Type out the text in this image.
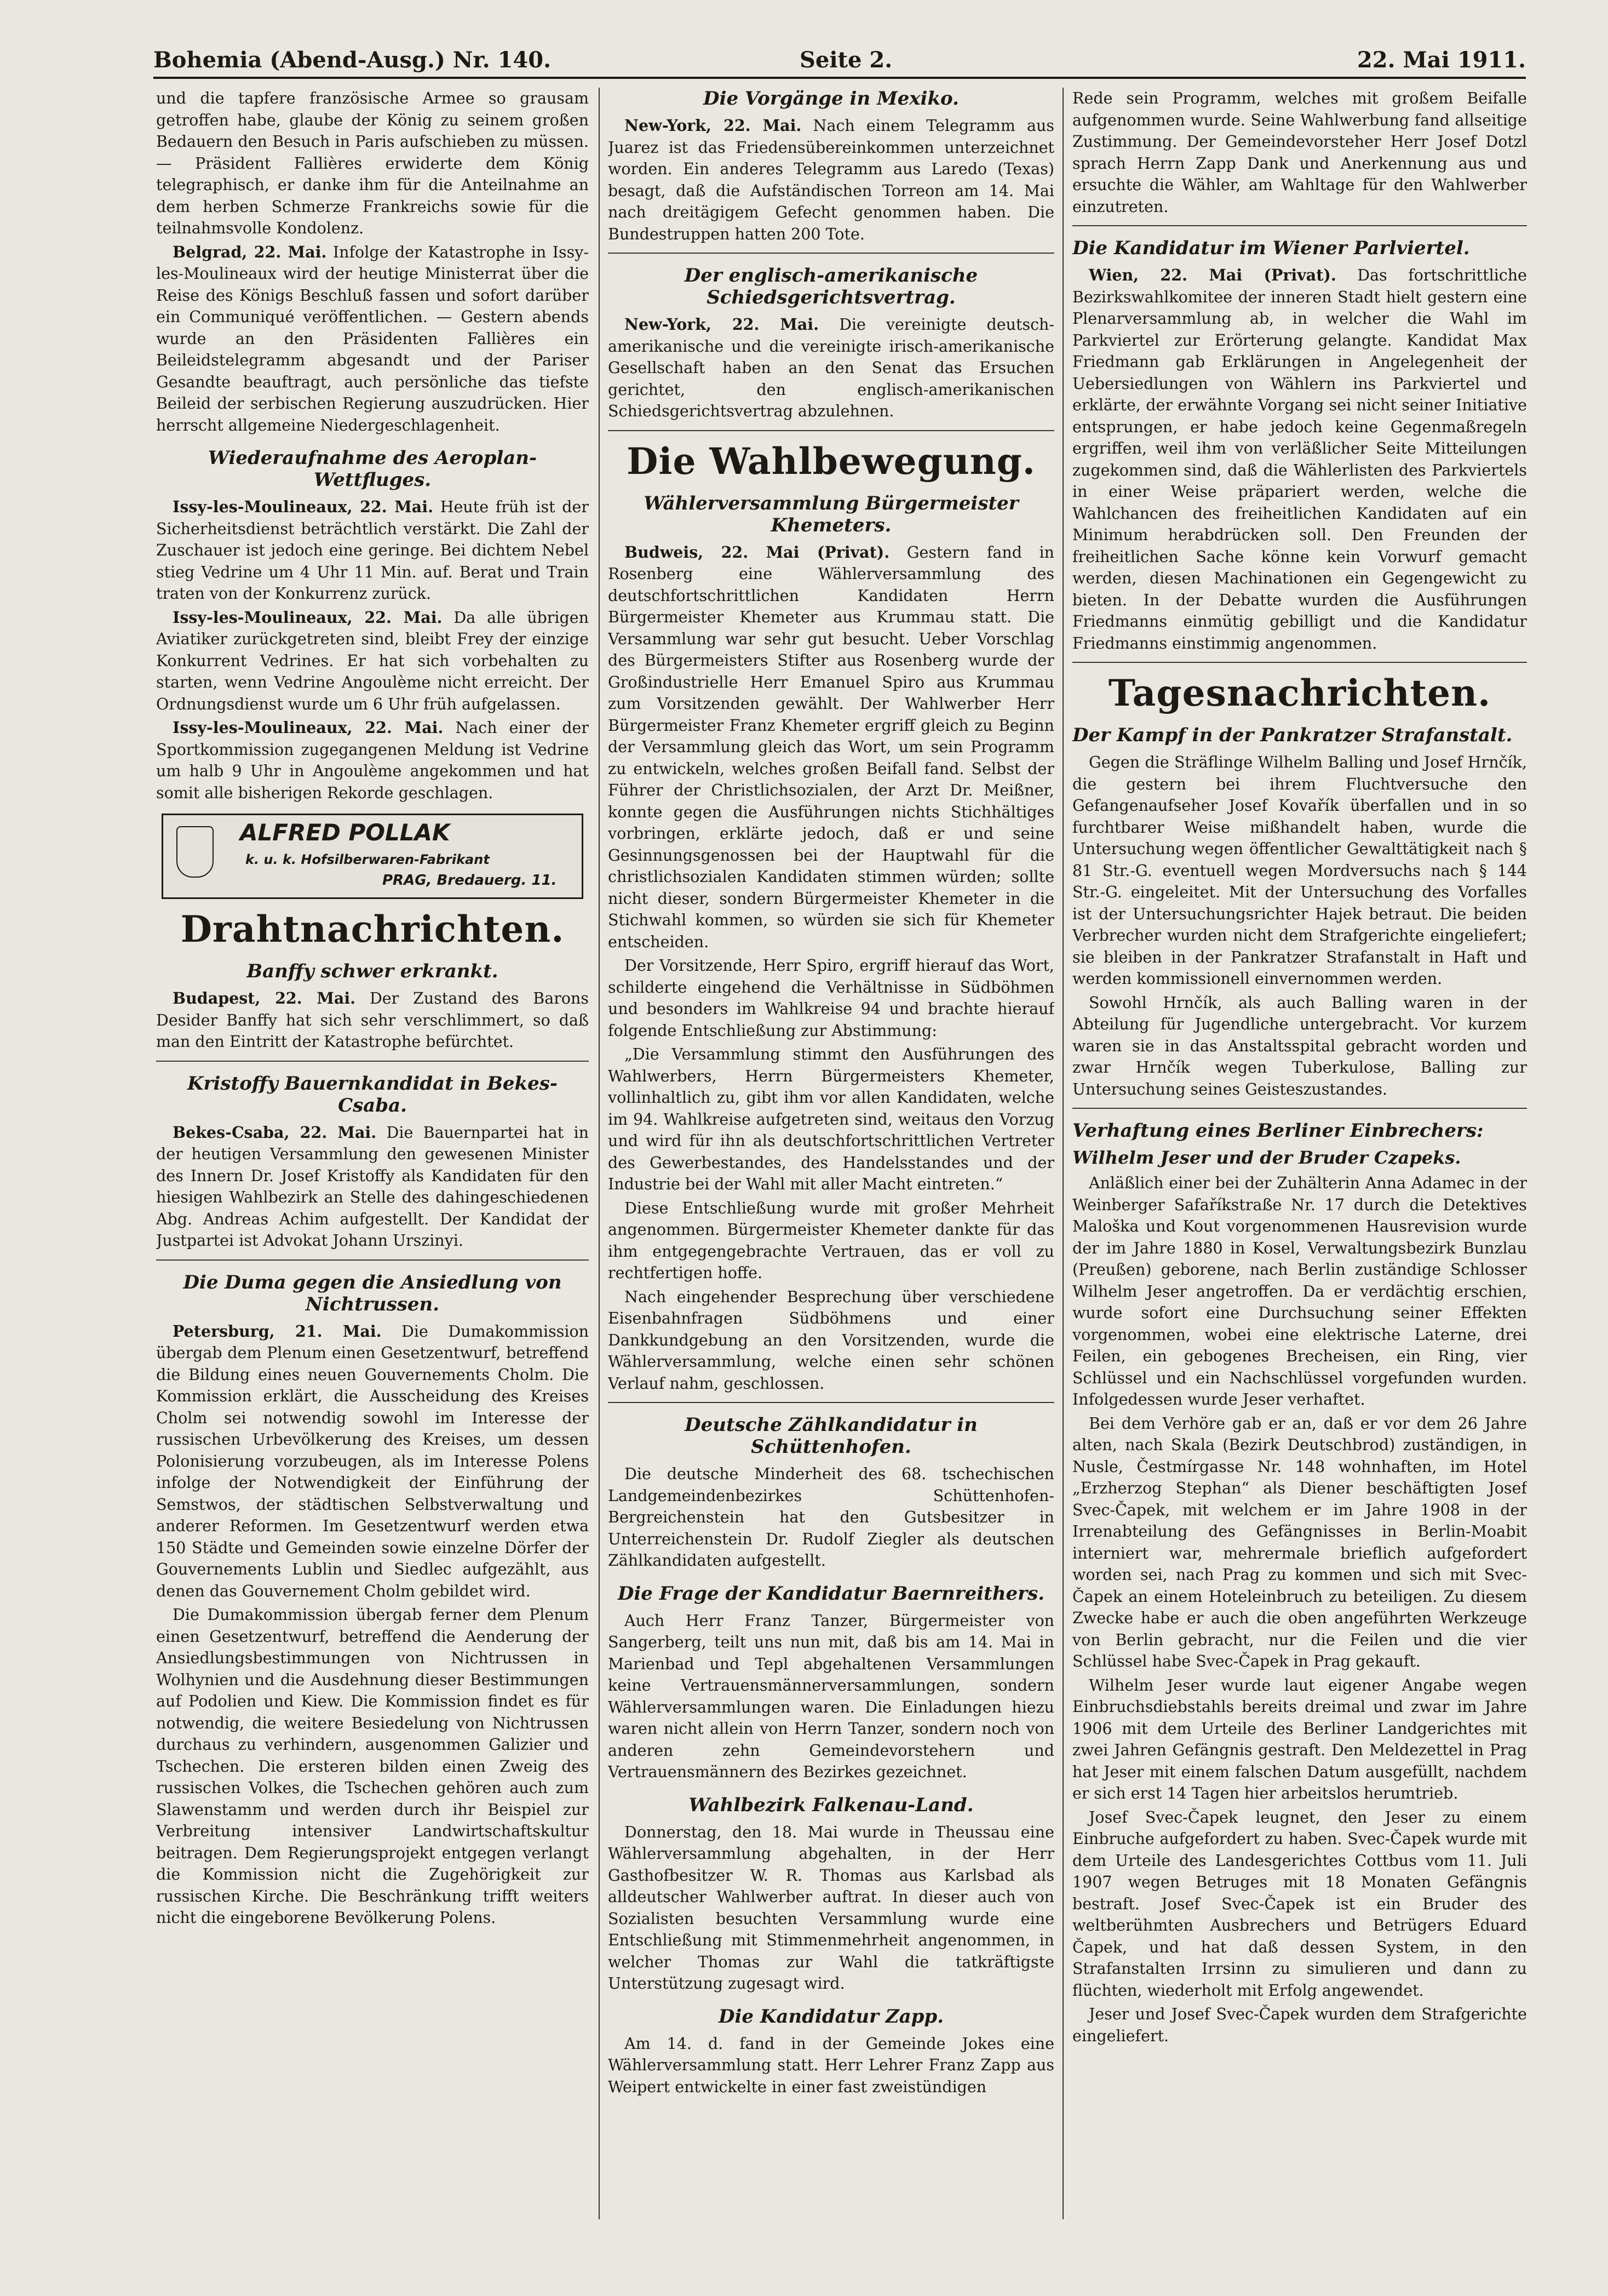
Bohemia (Abend-Ausg.) Nr. 140.	Seite 2.	22. Mai 1911.

und die tapfere französische Armee so grausam getroffen habe, glaube der König zu seinem großen Bedauern den Besuch in Paris aufschieben zu müssen. — Präsident Fallières erwiderte dem König telegraphisch, er danke ihm für die Anteilnahme an dem herben Schmerze Frankreichs sowie für die teilnahmsvolle Kondolenz.

Belgrad, 22. Mai. Infolge der Katastrophe in Issy-les-Moulineaux wird der heutige Ministerrat über die Reise des Königs Beschluß fassen und sofort darüber ein Communiqué veröffentlichen. — Gestern abends wurde an den Präsidenten Fallières ein Beileidstelegramm abgesandt und der Pariser Gesandte beauftragt, auch persönliche das tiefste Beileid der serbischen Regierung auszudrücken. Hier herrscht allgemeine Niedergeschlagenheit.

Wiederaufnahme des Aeroplan-Wettfluges.

Issy-les-Moulineaux, 22. Mai. Heute früh ist der Sicherheitsdienst beträchtlich verstärkt. Die Zahl der Zuschauer ist jedoch eine geringe. Bei dichtem Nebel stieg Vedrine um 4 Uhr 11 Min. auf. Berat und Train traten von der Konkurrenz zurück.

Issy-les-Moulineaux, 22. Mai. Da alle übrigen Aviatiker zurückgetreten sind, bleibt Frey der einzige Konkurrent Vedrines. Er hat sich vorbehalten zu starten, wenn Vedrine Angoulème nicht erreicht. Der Ordnungsdienst wurde um 6 Uhr früh aufgelassen.

Issy-les-Moulineaux, 22. Mai. Nach einer der Sportkommission zugegangenen Meldung ist Vedrine um halb 9 Uhr in Angoulème angekommen und hat somit alle bisherigen Rekorde geschlagen.

ALFRED POLLAK
k. u. k. Hofsilberwaren-Fabrikant
PRAG, Bredauerg. 11.
Drahtnachrichten.
Banffy schwer erkrankt.

Budapest, 22. Mai. Der Zustand des Barons Desider Banffy hat sich sehr verschlimmert, so daß man den Eintritt der Katastrophe befürchtet.

Kristoffy Bauernkandidat in Bekes-Csaba.

Bekes-Csaba, 22. Mai. Die Bauernpartei hat in der heutigen Versammlung den gewesenen Minister des Innern Dr. Josef Kristoffy als Kandidaten für den hiesigen Wahlbezirk an Stelle des dahingeschiedenen Abg. Andreas Achim aufgestellt. Der Kandidat der Justpartei ist Advokat Johann Urszinyi.

Die Duma gegen die Ansiedlung von Nichtrussen.

Petersburg, 21. Mai. Die Dumakommission übergab dem Plenum einen Gesetzentwurf, betreffend die Bildung eines neuen Gouvernements Cholm. Die Kommission erklärt, die Ausscheidung des Kreises Cholm sei notwendig sowohl im Interesse der russischen Urbevölkerung des Kreises, um dessen Polonisierung vorzubeugen, als im Interesse Polens infolge der Notwendigkeit der Einführung der Semstwos, der städtischen Selbstverwaltung und anderer Reformen. Im Gesetzentwurf werden etwa 150 Städte und Gemeinden sowie einzelne Dörfer der Gouvernements Lublin und Siedlec aufgezählt, aus denen das Gouvernement Cholm gebildet wird.

Die Dumakommission übergab ferner dem Plenum einen Gesetzentwurf, betreffend die Aenderung der Ansiedlungsbestimmungen von Nichtrussen in Wolhynien und die Ausdehnung dieser Bestimmungen auf Podolien und Kiew. Die Kommission findet es für notwendig, die weitere Besiedelung von Nichtrussen durchaus zu verhindern, ausgenommen Galizier und Tschechen. Die ersteren bilden einen Zweig des russischen Volkes, die Tschechen gehören auch zum Slawenstamm und werden durch ihr Beispiel zur Verbreitung intensiver Landwirtschaftskultur beitragen. Dem Regierungsprojekt entgegen verlangt die Kommission nicht die Zugehörigkeit zur russischen Kirche. Die Beschränkung trifft weiters nicht die eingeborene Bevölkerung Polens.

Die Vorgänge in Mexiko.

New-York, 22. Mai. Nach einem Telegramm aus Juarez ist das Friedensübereinkommen unterzeichnet worden. Ein anderes Telegramm aus Laredo (Texas) besagt, daß die Aufständischen Torreon am 14. Mai nach dreitägigem Gefecht genommen haben. Die Bundestruppen hatten 200 Tote.

Der englisch-amerikanische Schiedsgerichtsvertrag.

New-York, 22. Mai. Die vereinigte deutsch-amerikanische und die vereinigte irisch-amerikanische Gesellschaft haben an den Senat das Ersuchen gerichtet, den englisch-amerikanischen Schiedsgerichtsvertrag abzulehnen.

Die Wahlbewegung.
Wählerversammlung Bürgermeister Khemeters.

Budweis, 22. Mai (Privat). Gestern fand in Rosenberg eine Wählerversammlung des deutschfortschrittlichen Kandidaten Herrn Bürgermeister Khemeter aus Krummau statt. Die Versammlung war sehr gut besucht. Ueber Vorschlag des Bürgermeisters Stifter aus Rosenberg wurde der Großindustrielle Herr Emanuel Spiro aus Krummau zum Vorsitzenden gewählt. Der Wahlwerber Herr Bürgermeister Franz Khemeter ergriff gleich zu Beginn der Versammlung gleich das Wort, um sein Programm zu entwickeln, welches großen Beifall fand. Selbst der Führer der Christlichsozialen, der Arzt Dr. Meißner, konnte gegen die Ausführungen nichts Stichhältiges vorbringen, erklärte jedoch, daß er und seine Gesinnungsgenossen bei der Hauptwahl für die christlichsozialen Kandidaten stimmen würden; sollte nicht dieser, sondern Bürgermeister Khemeter in die Stichwahl kommen, so würden sie sich für Khemeter entscheiden.

Der Vorsitzende, Herr Spiro, ergriff hierauf das Wort, schilderte eingehend die Verhältnisse in Südböhmen und besonders im Wahlkreise 94 und brachte hierauf folgende Entschließung zur Abstimmung:

„Die Versammlung stimmt den Ausführungen des Wahlwerbers, Herrn Bürgermeisters Khemeter, vollinhaltlich zu, gibt ihm vor allen Kandidaten, welche im 94. Wahlkreise aufgetreten sind, weitaus den Vorzug und wird für ihn als deutschfortschrittlichen Vertreter des Gewerbestandes, des Handelsstandes und der Industrie bei der Wahl mit aller Macht eintreten.“

Diese Entschließung wurde mit großer Mehrheit angenommen. Bürgermeister Khemeter dankte für das ihm entgegengebrachte Vertrauen, das er voll zu rechtfertigen hoffe.

Nach eingehender Besprechung über verschiedene Eisenbahnfragen Südböhmens und einer Dankkundgebung an den Vorsitzenden, wurde die Wählerversammlung, welche einen sehr schönen Verlauf nahm, geschlossen.

Deutsche Zählkandidatur in Schüttenhofen.

Die deutsche Minderheit des 68. tschechischen Landgemeindenbezirkes Schüttenhofen-Bergreichenstein hat den Gutsbesitzer in Unterreichenstein Dr. Rudolf Ziegler als deutschen Zählkandidaten aufgestellt.

Die Frage der Kandidatur Baernreithers.

Auch Herr Franz Tanzer, Bürgermeister von Sangerberg, teilt uns nun mit, daß bis am 14. Mai in Marienbad und Tepl abgehaltenen Versammlungen keine Vertrauensmännerversammlungen, sondern Wählerversammlungen waren. Die Einladungen hiezu waren nicht allein von Herrn Tanzer, sondern noch von anderen zehn Gemeindevorstehern und Vertrauensmännern des Bezirkes gezeichnet.

Wahlbezirk Falkenau-Land.

Donnerstag, den 18. Mai wurde in Theussau eine Wählerversammlung abgehalten, in der Herr Gasthofbesitzer W. R. Thomas aus Karlsbad als alldeutscher Wahlwerber auftrat. In dieser auch von Sozialisten besuchten Versammlung wurde eine Entschließung mit Stimmenmehrheit angenommen, in welcher Thomas zur Wahl die tatkräftigste Unterstützung zugesagt wird.

Die Kandidatur Zapp.

Am 14. d. fand in der Gemeinde Jokes eine Wählerversammlung statt. Herr Lehrer Franz Zapp aus Weipert entwickelte in einer fast zweistündigen

Rede sein Programm, welches mit großem Beifalle aufgenommen wurde. Seine Wahlwerbung fand allseitige Zustimmung. Der Gemeindevorsteher Herr Josef Dotzl sprach Herrn Zapp Dank und Anerkennung aus und ersuchte die Wähler, am Wahltage für den Wahlwerber einzutreten.

Die Kandidatur im Wiener Parlviertel.

Wien, 22. Mai (Privat). Das fortschrittliche Bezirkswahlkomitee der inneren Stadt hielt gestern eine Plenarversammlung ab, in welcher die Wahl im Parkviertel zur Erörterung gelangte. Kandidat Max Friedmann gab Erklärungen in Angelegenheit der Uebersiedlungen von Wählern ins Parkviertel und erklärte, der erwähnte Vorgang sei nicht seiner Initiative entsprungen, er habe jedoch keine Gegenmaßregeln ergriffen, weil ihm von verläßlicher Seite Mitteilungen zugekommen sind, daß die Wählerlisten des Parkviertels in einer Weise präpariert werden, welche die Wahlchancen des freiheitlichen Kandidaten auf ein Minimum herabdrücken soll. Den Freunden der freiheitlichen Sache könne kein Vorwurf gemacht werden, diesen Machinationen ein Gegengewicht zu bieten. In der Debatte wurden die Ausführungen Friedmanns einmütig gebilligt und die Kandidatur Friedmanns einstimmig angenommen.

Tagesnachrichten.
Der Kampf in der Pankratzer Strafanstalt.

Gegen die Sträflinge Wilhelm Balling und Josef Hrnčík, die gestern bei ihrem Fluchtversuche den Gefangenaufseher Josef Kovařík überfallen und in so furchtbarer Weise mißhandelt haben, wurde die Untersuchung wegen öffentlicher Gewalttätigkeit nach § 81 Str.-G. eventuell wegen Mordversuchs nach § 144 Str.-G. eingeleitet. Mit der Untersuchung des Vorfalles ist der Untersuchungsrichter Hajek betraut. Die beiden Verbrecher wurden nicht dem Strafgerichte eingeliefert; sie bleiben in der Pankratzer Strafanstalt in Haft und werden kommissionell einvernommen werden.

Sowohl Hrnčík, als auch Balling waren in der Abteilung für Jugendliche untergebracht. Vor kurzem waren sie in das Anstaltsspital gebracht worden und zwar Hrnčík wegen Tuberkulose, Balling zur Untersuchung seines Geisteszustandes.

Verhaftung eines Berliner Einbrechers:
Wilhelm Jeser und der Bruder Czapeks.

Anläßlich einer bei der Zuhälterin Anna Adamec in der Weinberger Safaříkstraße Nr. 17 durch die Detektives Maloška und Kout vorgenommenen Hausrevision wurde der im Jahre 1880 in Kosel, Verwaltungsbezirk Bunzlau (Preußen) geborene, nach Berlin zuständige Schlosser Wilhelm Jeser angetroffen. Da er verdächtig erschien, wurde sofort eine Durchsuchung seiner Effekten vorgenommen, wobei eine elektrische Laterne, drei Feilen, ein gebogenes Brecheisen, ein Ring, vier Schlüssel und ein Nachschlüssel vorgefunden wurden. Infolgedessen wurde Jeser verhaftet.

Bei dem Verhöre gab er an, daß er vor dem 26 Jahre alten, nach Skala (Bezirk Deutschbrod) zuständigen, in Nusle, Čestmírgasse Nr. 148 wohnhaften, im Hotel „Erzherzog Stephan“ als Diener beschäftigten Josef Svec-Čapek, mit welchem er im Jahre 1908 in der Irrenabteilung des Gefängnisses in Berlin-Moabit interniert war, mehrermale brieflich aufgefordert worden sei, nach Prag zu kommen und sich mit Svec-Čapek an einem Hoteleinbruch zu beteiligen. Zu diesem Zwecke habe er auch die oben angeführten Werkzeuge von Berlin gebracht, nur die Feilen und die vier Schlüssel habe Svec-Čapek in Prag gekauft.

Wilhelm Jeser wurde laut eigener Angabe wegen Einbruchsdiebstahls bereits dreimal und zwar im Jahre 1906 mit dem Urteile des Berliner Landgerichtes mit zwei Jahren Gefängnis gestraft. Den Meldezettel in Prag hat Jeser mit einem falschen Datum ausgefüllt, nachdem er sich erst 14 Tagen hier arbeitslos herumtrieb.

Josef Svec-Čapek leugnet, den Jeser zu einem Einbruche aufgefordert zu haben. Svec-Čapek wurde mit dem Urteile des Landesgerichtes Cottbus vom 11. Juli 1907 wegen Betruges mit 18 Monaten Gefängnis bestraft. Josef Svec-Čapek ist ein Bruder des weltberühmten Ausbrechers und Betrügers Eduard Čapek, und hat daß dessen System, in den Strafanstalten Irrsinn zu simulieren und dann zu flüchten, wiederholt mit Erfolg angewendet.

Jeser und Josef Svec-Čapek wurden dem Strafgerichte eingeliefert.
